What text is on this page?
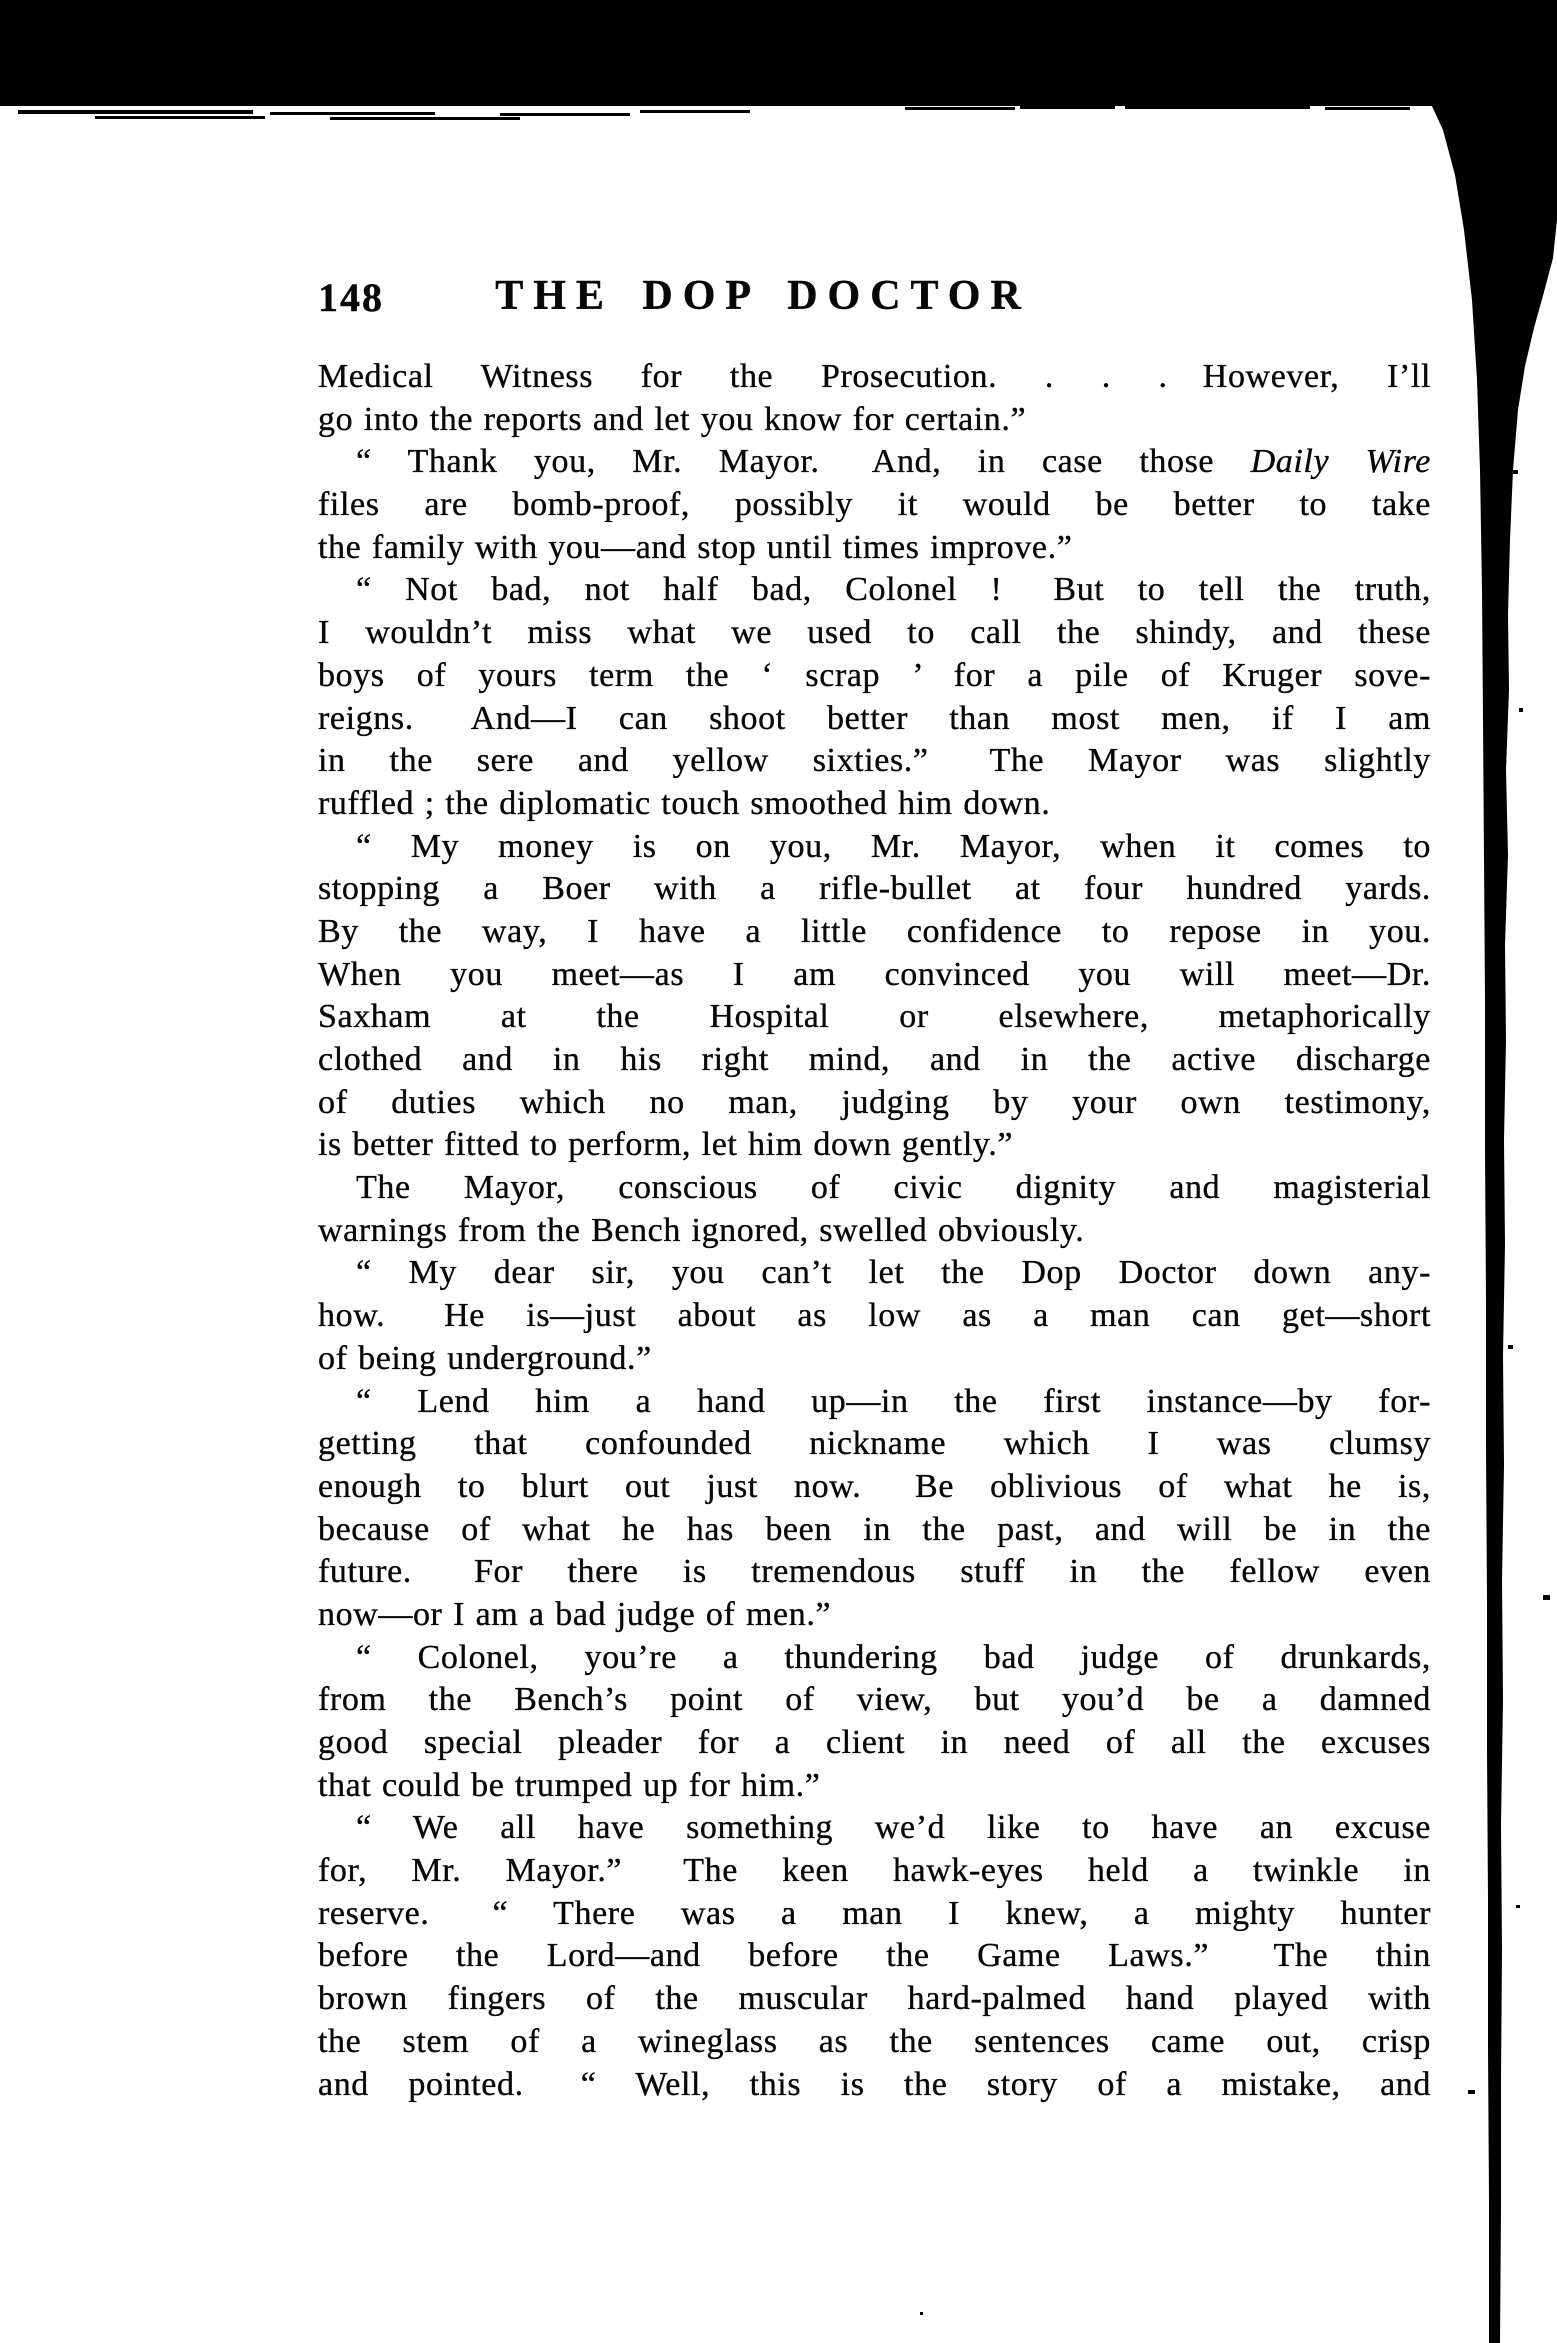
148	THE DOP DOCTOR
Medical Witness for the Prosecution. . . .  However, I’ll
go into the reports and let you know for certain.”
“ Thank you, Mr. Mayor.  And, in case those Daily Wire
files are bomb-proof, possibly it would be better to take
the family with you—and stop until times improve.”
“ Not bad, not half bad, Colonel !  But to tell the truth,
I wouldn’t miss what we used to call the shindy, and these
boys of yours term the ‘ scrap ’ for a pile of Kruger sove-
reigns.  And—I can shoot better than most men, if I am
in the sere and yellow sixties.”  The Mayor was slightly
ruffled ; the diplomatic touch smoothed him down.
“ My money is on you, Mr. Mayor, when it comes to
stopping a Boer with a rifle-bullet at four hundred yards.
By the way, I have a little confidence to repose in you.
When you meet—as I am convinced you will meet—Dr.
Saxham at the Hospital or elsewhere, metaphorically
clothed and in his right mind, and in the active discharge
of duties which no man, judging by your own testimony,
is better fitted to perform, let him down gently.”
The Mayor, conscious of civic dignity and magisterial
warnings from the Bench ignored, swelled obviously.
“ My dear sir, you can’t let the Dop Doctor down any-
how.  He is—just about as low as a man can get—short
of being underground.”
“ Lend him a hand up—in the first instance—by for-
getting that confounded nickname which I was clumsy
enough to blurt out just now.  Be oblivious of what he is,
because of what he has been in the past, and will be in the
future.  For there is tremendous stuff in the fellow even
now—or I am a bad judge of men.”
“ Colonel, you’re a thundering bad judge of drunkards,
from the Bench’s point of view, but you’d be a damned
good special pleader for a client in need of all the excuses
that could be trumped up for him.”
“ We all have something we’d like to have an excuse
for, Mr. Mayor.”  The keen hawk-eyes held a twinkle in
reserve.  “ There was a man I knew, a mighty hunter
before the Lord—and before the Game Laws.”  The thin
brown fingers of the muscular hard-palmed hand played with
the stem of a wineglass as the sentences came out, crisp
and pointed.  “ Well, this is the story of a mistake, and
